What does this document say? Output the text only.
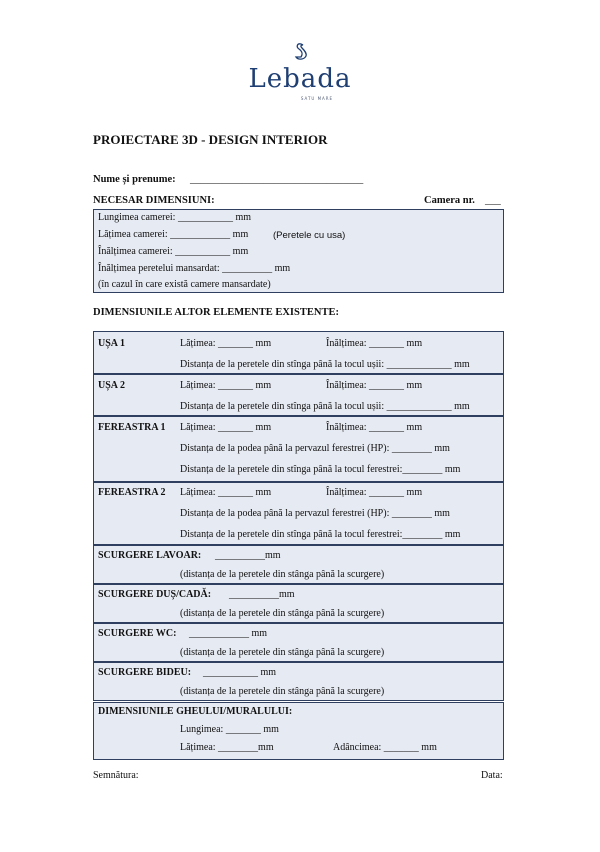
Lebada
SATU MARE
PROIECTARE 3D - DESIGN INTERIOR
Nume și prenume: _________________________________
NECESAR DIMENSIUNI:	Camera nr. ___
Lungimea camerei: ___________ mm
Lățimea camerei: ____________ mm	(Peretele cu usa)
Înălțimea camerei: ___________ mm
Înălțimea peretelui mansardat: __________ mm
(în cazul în care există camere mansardate)
DIMENSIUNILE ALTOR ELEMENTE EXISTENTE:
UȘA 1	Lățimea: _______ mm	Înălțimea: _______ mm
Distanța de la peretele din stînga până la tocul ușii: _____________ mm
UȘA 2	Lățimea: _______ mm	Înălțimea: _______ mm
Distanța de la peretele din stînga până la tocul ușii: _____________ mm
FEREASTRA 1 Lățimea: _______ mm	Înălțimea: _______ mm
Distanța de la podea până la pervazul ferestrei (HP): ________ mm
Distanța de la peretele din stînga până la tocul ferestrei:________ mm
FEREASTRA 2 Lățimea: _______ mm	Înălțimea: _______ mm
Distanța de la podea până la pervazul ferestrei (HP): ________ mm
Distanța de la peretele din stînga până la tocul ferestrei:________ mm
SCURGERE LAVOAR: __________mm
(distanța de la peretele din stânga până la scurgere)
SCURGERE DUȘ/CADĂ: __________mm
(distanța de la peretele din stânga până la scurgere)
SCURGERE WC: ____________ mm
(distanța de la peretele din stânga până la scurgere)
SCURGERE BIDEU: ___________ mm
(distanța de la peretele din stânga până la scurgere)
DIMENSIUNILE GHEULUI/MURALULUI:
Lungimea: _______ mm
Lățimea: ________mm	Adâncimea: _______ mm
Semnătura:	Data:
